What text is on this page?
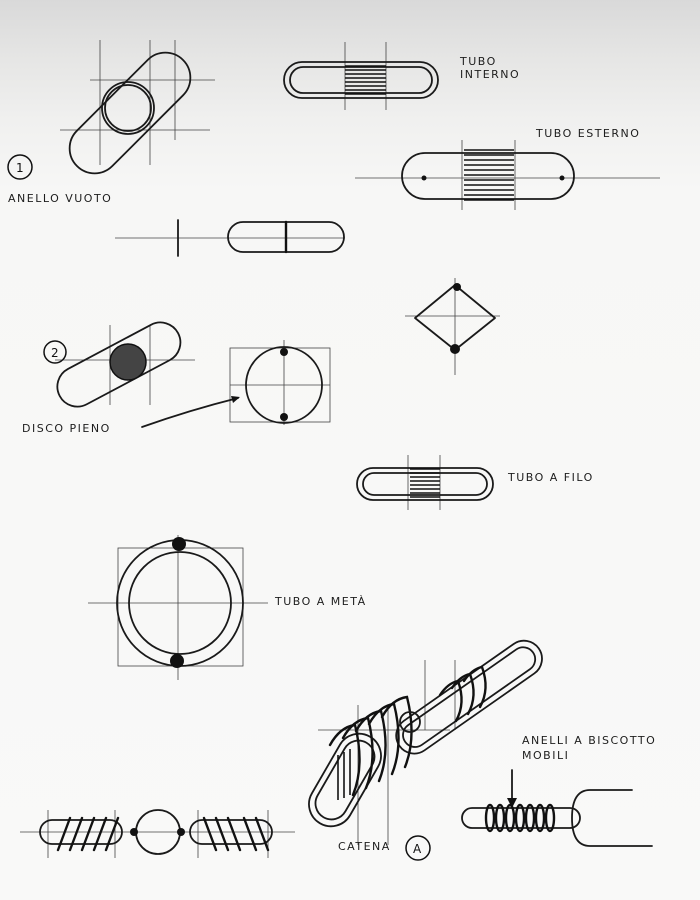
1
2
A
TUBO
INTERNO
TUBO ESTERNO
ANELLO VUOTO
DISCO PIENO
TUBO A FILO
TUBO A METÀ
ANELLI A BISCOTTO
MOBILI
CATENA
